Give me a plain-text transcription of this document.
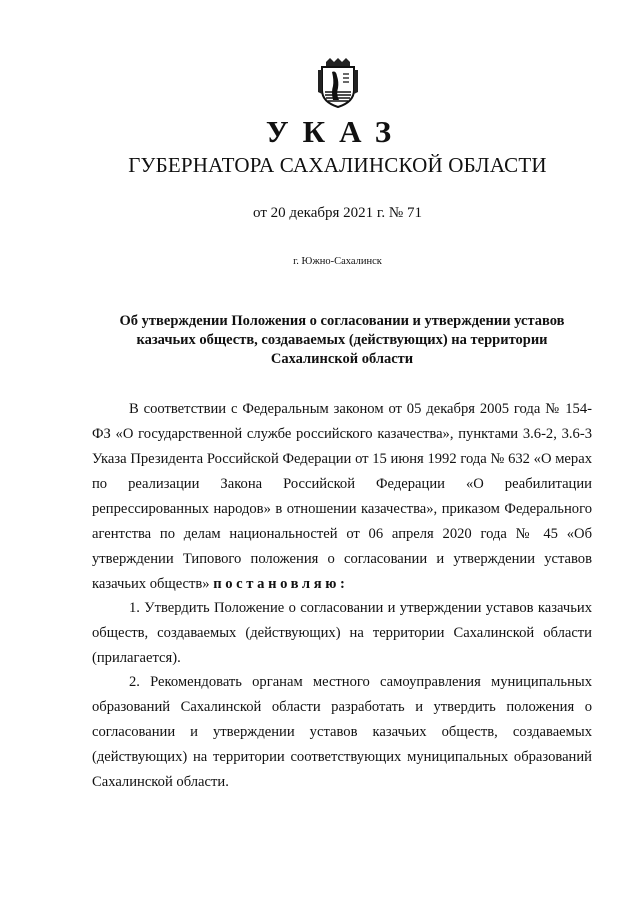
УКАЗ
ГУБЕРНАТОРА САХАЛИНСКОЙ ОБЛАСТИ
от 20 декабря 2021 г. № 71
г. Южно-Сахалинск
Об утверждении Положения о согласовании и утверждении уставов
казачьих обществ, создаваемых (действующих) на территории
Сахалинской области

В соответствии с Федеральным законом от 05 декабря 2005 года № 154-ФЗ «О государственной службе российского казачества», пунктами 3.6-2, 3.6-3 Указа Президента Российской Федерации от 15 июня 1992 года № 632 «О мерах по реализации Закона Российской Федерации «О реабилитации репрессированных народов» в отношении казачества», приказом Федерального агентства по делам национальностей от 06 апреля 2020 года № 45 «Об утверждении Типового положения о согласовании и утверждении уставов казачьих обществ» постановляю:

1. Утвердить Положение о согласовании и утверждении уставов казачьих обществ, создаваемых (действующих) на территории Сахалинской области (прилагается).

2. Рекомендовать органам местного самоуправления муниципальных образований Сахалинской области разработать и утвердить положения о согласовании и утверждении уставов казачьих обществ, создаваемых (действующих) на территории соответствующих муниципальных образований Сахалинской области.
